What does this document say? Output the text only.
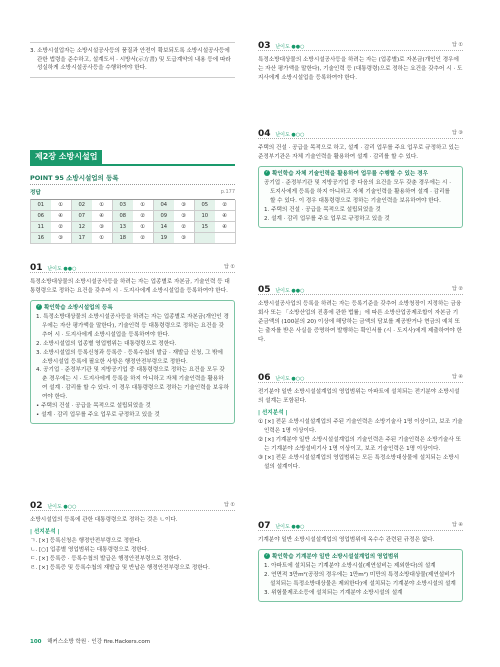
3. 소방시설업자는 소방시설공사등의 품질과 안전이 확보되도록 소방시설공사등에 관한 법령을 준수하고, 설계도서 · 시방서(示方書) 및 도급계약의 내용 등에 따라 성실하게 소방시설공사등을 수행하여야 한다.

제2장 소방시설업
POINT 95 소방시설업의 등록
정답	p.177
01	①	02	①	03	①	04	③	05	②
06	④	07	④	08	②	09	③	10	④
11	②	12	③	13	①	14	②	15	④
16	③	17	①	18	②	19	③
01 난이도 ●●○	답 ①
특정소방대상물의 소방시설공사등을 하려는 자는 업종별로 자본금, 기술인력 등 대통령령으로 정하는 요건을 갖추어 시 · 도지사에게 소방시설업을 등록하여야 한다.
✓ 확인학습 소방시설업의 등록
1. 특정소방대상물의 소방시설공사등을 하려는 자는 업종별로 자본금(개인인 경우에는 자산 평가액을 말한다), 기술인력 등 대통령령으로 정하는 요건을 갖추어 시 · 도지사에게 소방시설업을 등록하여야 한다.
2. 소방시설업의 업종별 영업범위는 대통령령으로 정한다.
3. 소방시설업의 등록신청과 등록증 · 등록수첩의 발급 · 재발급 신청, 그 밖에 소방시설업 등록에 필요한 사항은 행정안전부령으로 정한다.
4. 공기업 · 준정부기관 및 지방공기업 중 대통령령으로 정하는 요건을 모두 갖춘 경우에는 시 · 도지사에게 등록을 하지 아니하고 자체 기술인력을 활용하여 설계 · 감리를 할 수 있다. 이 경우 대통령령으로 정하는 기술인력을 보유하여야 한다.
• 주택의 건설 · 공급을 목적으로 설립되었을 것
• 설계 · 감리 업무를 주요 업무로 규정하고 있을 것
02 난이도 ●○○	답 ①
소방시설업의 등록에 관한 대통령령으로 정하는 것은 ㄴ이다.
| 선지분석 |
ㄱ. [×] 등록신청은 행정안전부령으로 정한다.
ㄴ. [○] 업종별 영업범위는 대통령령으로 정한다.
ㄷ. [×] 등록증 · 등록수첩의 발급은 행정안전부령으로 정한다.
ㄹ. [×] 등록증 및 등록수첩의 재발급 및 반납은 행정안전부령으로 정한다.
03 난이도 ●●○	답 ①
특정소방대상물의 소방시설공사등을 하려는 자는 (업종별)로 자본금(개인인 경우에는 자산 평가액을 말한다), 기술인력 등 (대통령령)으로 정하는 요건을 갖추어 시 · 도지사에게 소방시설업을 등록하여야 한다.
04 난이도 ●○○	답 ③
주택의 건설 · 공급을 목적으로 하고, 설계 · 감리 업무를 주요 업무로 규정하고 있는 준정부기관은 자체 기술인력을 활용하여 설계 · 감리를 할 수 있다.
✓ 확인학습 자체 기술인력을 활용하여 업무를 수행할 수 있는 경우
공기업 · 준정부기관 및 지방공기업 중 다음의 요건을 모두 갖춘 경우에는 시 · 도지사에게 등록을 하지 아니하고 자체 기술인력을 활용하여 설계 · 감리를 할 수 있다. 이 경우 대통령령으로 정하는 기술인력을 보유하여야 한다.
1. 주택의 건설 · 공급을 목적으로 설립되었을 것
2. 설계 · 감리 업무를 주요 업무로 규정하고 있을 것
05 난이도 ●●○	답 ②
소방시설공사업의 등록을 하려는 자는 등록기준을 갖추어 소방청장이 지정하는 금융회사 또는 「소방산업의 진흥에 관한 법률」에 따른 소방산업공제조합이 자본금 기준금액의 (100분의 20) 이상에 해당하는 금액의 담보를 제공받거나 현금의 예치 또는 출자를 받은 사실을 증명하여 발행하는 확인서를 (시 · 도지사)에게 제출하여야 한다.
06 난이도 ●○○	답 ④
전기분야 일반 소방시설설계업의 영업범위는 아파트에 설치되는 전기분야 소방시설의 설계는 포함된다.
| 선지분석 |
① [×] 전문 소방시설설계업의 주된 기술인력은 소방기술사 1명 이상이고, 보조 기술인력은 1명 이상이다.
② [×] 기계분야 일반 소방시설설계업의 기술인력은 주된 기술인력은 소방기술사 또는 기계분야 소방설비기사 1명 이상이고, 보조 기술인력은 1명 이상이다.
③ [×] 전문 소방시설설계업의 영업범위는 모든 특정소방대상물에 설치되는 소방시설의 설계이다.
07 난이도 ●●○	답 ④
기계분야 일반 소방시설설계업의 영업범위에 옥수수 관련된 규정은 없다.
✓ 확인학습 기계분야 일반 소방시설설계업의 영업범위
1. 아파트에 설치되는 기계분야 소방시설(제연설비는 제외한다)의 설계
2. 연면적 3만m²(공장의 경우에는 1만m²) 미만의 특정소방대상물(제연설비가 설치되는 특정소방대상물은 제외한다)에 설치되는 기계분야 소방시설의 설계
3. 위험물제조소등에 설치되는 기계분야 소방시설의 설계
100 해커스소방 학원 · 인강 fire.Hackers.com
